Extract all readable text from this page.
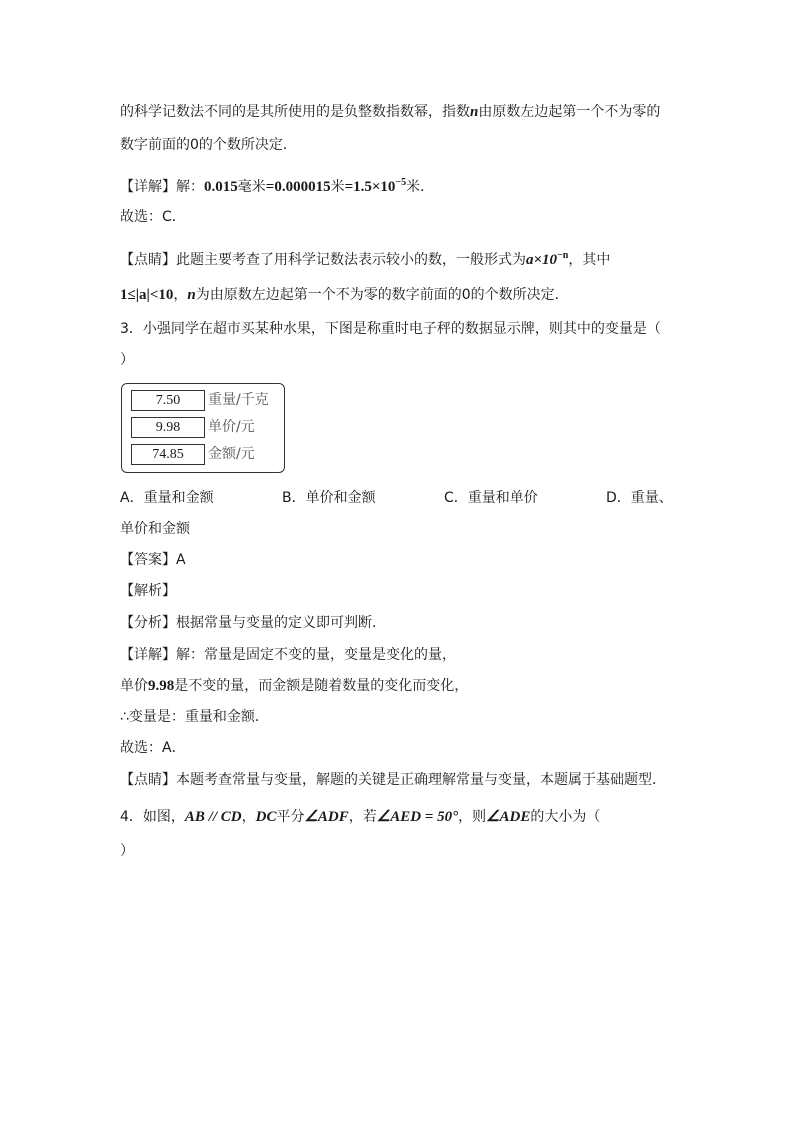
的科学记数法不同的是其所使用的是负整数指数幂，指数n由原数左边起第一个不为零的
数字前面的0的个数所决定．
【详解】解：0.015毫米=0.000015米$=1.5\times 10^{-5}$米．
故选：C．
【点睛】此题主要考查了用科学记数法表示较小的数，一般形式为$a\times 10^{-n}$，其中
1≤|a|<10，n为由原数左边起第一个不为零的数字前面的0的个数所决定．
3．小强同学在超市买某种水果，下图是称重时电子秤的数据显示牌，则其中的变量是（
）
7.50	重量/千克
9.98	单价/元
74.85	金额/元
A．重量和金额	B．单价和金额	C．重量和单价	D．重量、
单价和金额
【答案】A
【解析】
【分析】根据常量与变量的定义即可判断．
【详解】解：常量是固定不变的量，变量是变化的量，
单价9.98是不变的量，而金额是随着数量的变化而变化，
∴变量是：重量和金额．
故选：A．
【点睛】本题考查常量与变量，解题的关键是正确理解常量与变量，本题属于基础题型．
4．如图，AB // CD，DC平分∠ADF，若∠AED = 50°，则∠ADE的大小为（
）
